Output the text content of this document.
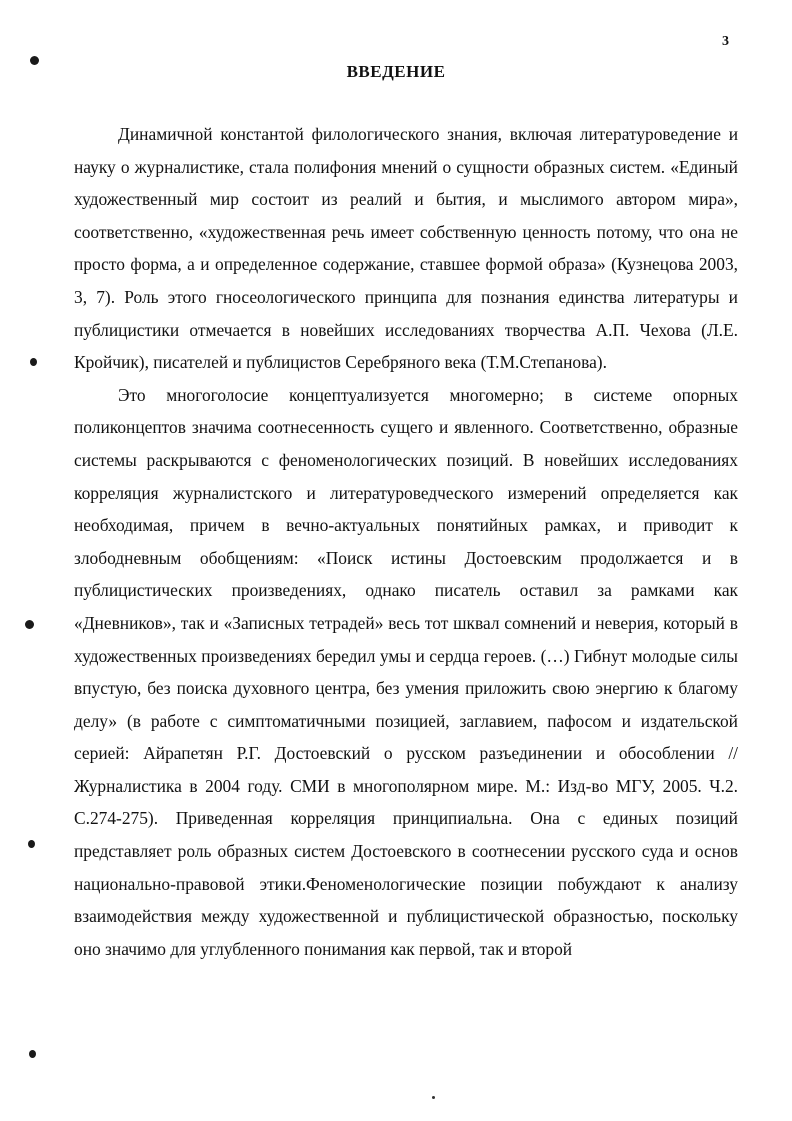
3
ВВЕДЕНИЕ

Динамичной константой филологического знания, включая литературоведение и науку о журналистике, стала полифония мнений о сущности образных систем. «Единый художественный мир состоит из реалий и бытия, и мыслимого автором мира», соответственно, «художественная речь имеет собственную ценность потому, что она не просто форма, а и определенное содержание, ставшее формой образа» (Кузнецова 2003, 3, 7). Роль этого гносеологического принципа для познания единства литературы и публицистики отмечается в новейших исследованиях творчества А.П. Чехова (Л.Е. Кройчик), писателей и публицистов Серебряного века (Т.М.Степанова).

Это многоголосие концептуализуется многомерно; в системе опорных поликонцептов значима соотнесенность сущего и явленного. Соответственно, образные системы раскрываются с феноменологических позиций. В новейших исследованиях корреляция журналистского и литературоведческого измерений определяется как необходимая, причем в вечно-актуальных понятийных рамках, и приводит к злободневным обобщениям: «Поиск истины Достоевским продолжается и в публицистических произведениях, однако писатель оставил за рамками как «Дневников», так и «Записных тетрадей» весь тот шквал сомнений и неверия, который в художественных произведениях бередил умы и сердца героев. (…) Гибнут молодые силы впустую, без поиска духовного центра, без умения приложить свою энергию к благому делу» (в работе с симптоматичными позицией, заглавием, пафосом и издательской серией: Айрапетян Р.Г. Достоевский о русском разъединении и обособлении // Журналистика в 2004 году. СМИ в многополярном мире. М.: Изд-во МГУ, 2005. Ч.2. С.274-275). Приведенная корреляция принципиальна. Она с единых позиций представляет роль образных систем Достоевского в соотнесении русского суда и основ национально-правовой этики.Феноменологические позиции побуждают к анализу взаимодействия между художественной и публицистической образностью, поскольку оно значимо для углубленного понимания как первой, так и второй
